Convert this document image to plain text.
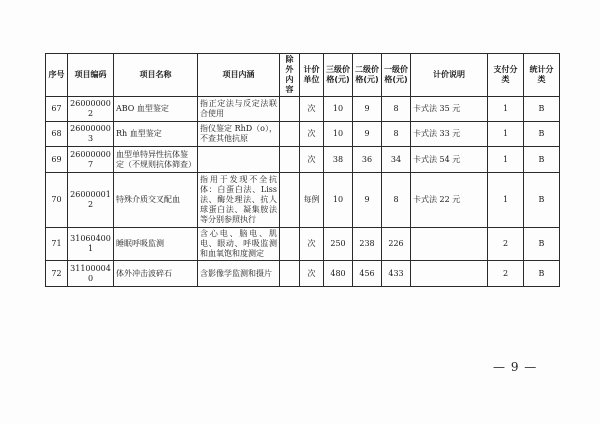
序号	项目编码	项目名称	项目内涵	除外内容	计价单位	三级价格(元)	二级价格(元)	一级价格(元)	计价说明	支付分类	统计分类
67	260000002	ABO 血型鉴定	指正定法与反定法联合使用		次	10	9	8	卡式法 35 元	1	B
68	260000003	Rh 血型鉴定	指仪鉴定 RhD（o），不查其他抗原		次	10	9	8	卡式法 33 元	1	B
69	260000007	血型单特异性抗体鉴定（不规则抗体筛查）			次	38	36	34	卡式法 54 元	1	B
70	260000012	特殊介质交叉配血	指用于发现不全抗体：白蛋白法、Liss法、酶处理法、抗人球蛋白法、凝集胺法等分别参照执行		每例	10	9	8	卡式法 22 元	1	B
71	310604001	睡眠呼吸监测	含心电、脑电、肌电、眼动、呼吸监测和血氧饱和度测定		次	250	238	226		2	B
72	311000040	体外冲击波碎石	含影像学监测和摄片		次	480	456	433		2	B
— 9 —
